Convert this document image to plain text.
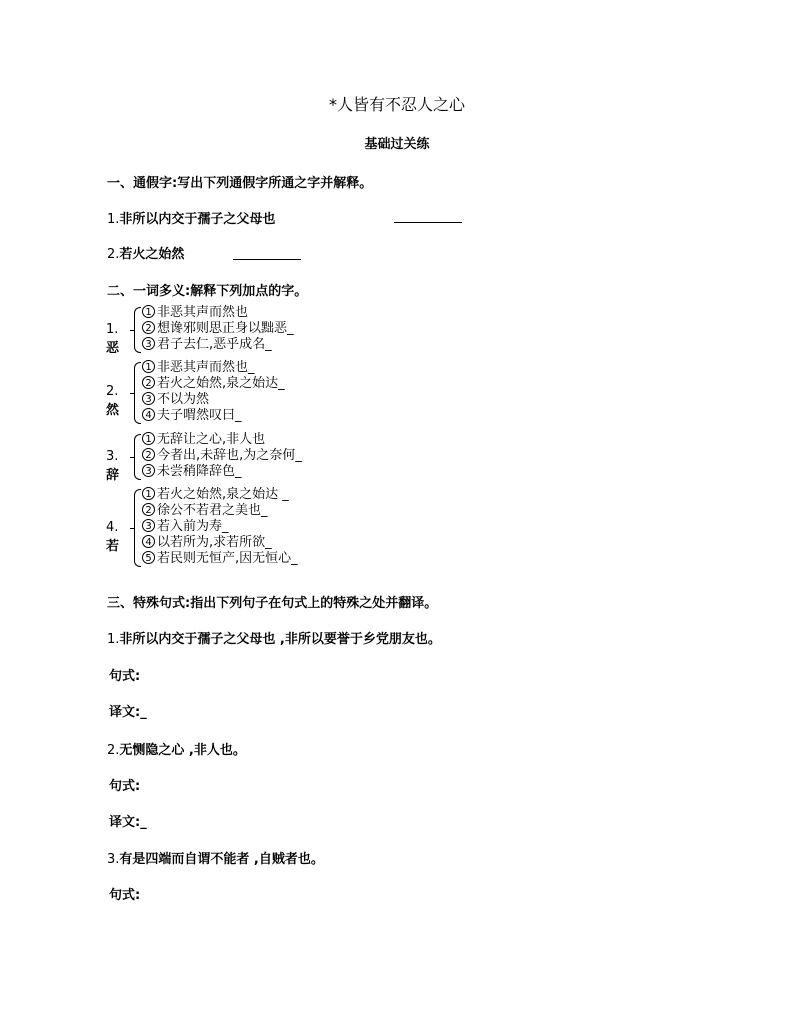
*人皆有不忍人之心
基础过关练
一、通假字:写出下列通假字所通之字并解释。
1.非所以内交于孺子之父母也
2.若火之始然
二、一词多义:解释下列加点的字。
1.恶
1 非恶其声而然也
2 想谗邪则思正身以黜恶_
3 君子去仁,恶乎成名_
2.然
1 非恶其声而然也_
2 若火之始然,泉之始达_
3 不以为然
4 夫子喟然叹曰_
3.辞
1 无辞让之心,非人也
2 今者出,未辞也,为之奈何_
3 未尝稍降辞色_
4.若
1 若火之始然,泉之始达 _
2 徐公不若君之美也_
3 若入前为寿_
4 以若所为,求若所欲_
5 若民则无恒产,因无恒心_
三、特殊句式:指出下列句子在句式上的特殊之处并翻译。
1.非所以内交于孺子之父母也 ,非所以要誉于乡党朋友也。
句式:
译文:_
2.无恻隐之心 ,非人也。
句式:
译文:_
3.有是四端而自谓不能者 ,自贼者也。
句式:
